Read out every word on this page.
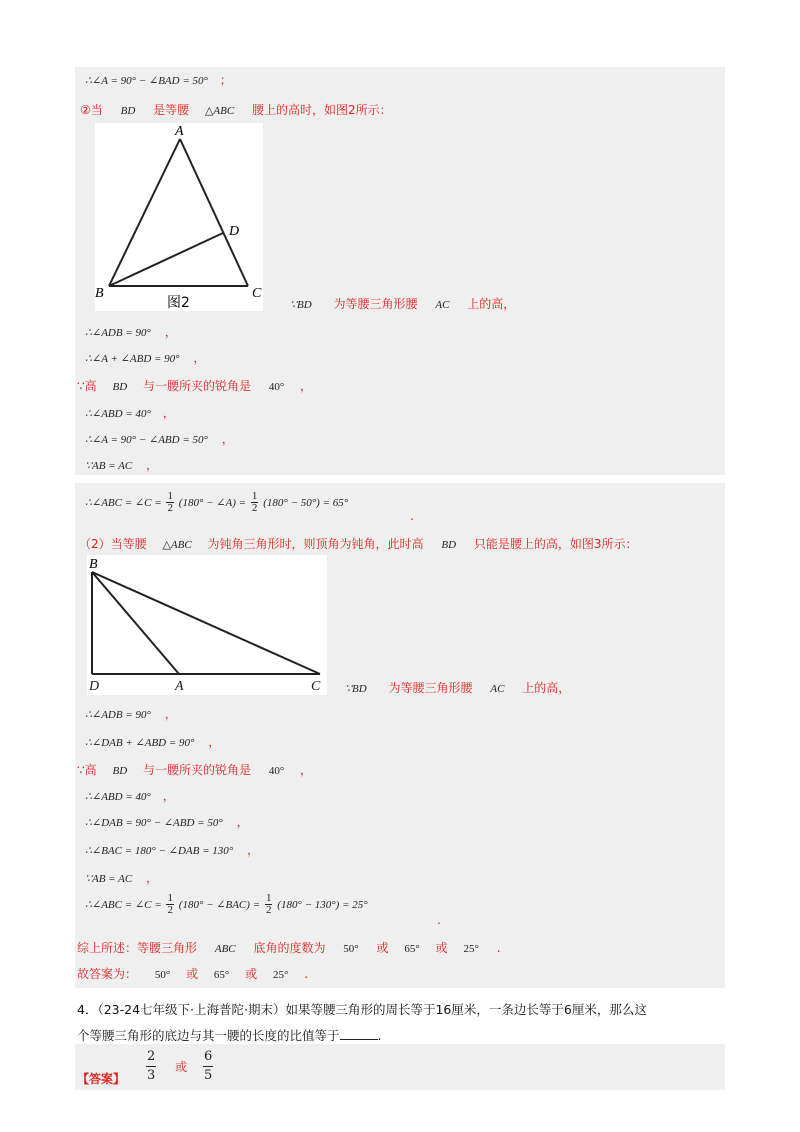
∴∠A = 90° − ∠BAD = 50° ；
②当 BD 是等腰 △ABC 腰上的高时，如图2所示：
A
D
B	C
图2	∵BD 为等腰三角形腰 AC 上的高，
∴∠ADB = 90° ，
∴∠A + ∠ABD = 90° ，
∵高 BD 与一腰所夹的锐角是 40° ，
∴∠ABD = 40° ，
∴∠A = 90° − ∠ABD = 50° ，
∵AB = AC ，
∴∠ABC = ∠C = $\frac{1}{2} (180^\circ$ − ∠A) = $\frac{1}{2} (180^\circ - 50^\circ) = 65^\circ$
.
（2）当等腰 △ABC 为钝角三角形时，则顶角为钝角，此时高 BD 只能是腰上的高，如图3所示：
B
D	A	C ∵BD 为等腰三角形腰 AC 上的高，
∴∠ADB = 90° ，
∴∠DAB + ∠ABD = 90° ，
∵高 BD 与一腰所夹的锐角是 40° ，
∴∠ABD = 40° ，
∴∠DAB = 90° − ∠ABD = 50° ，
∴∠BAC = 180° − ∠DAB = 130° ，
∵AB = AC ，
∴∠ABC = ∠C = $\frac{1}{2} (180^\circ$ − ∠BAC) = $\frac{1}{2} (180^\circ - 130^\circ) = 25^\circ$
.
综上所述：等腰三角形 ABC 底角的度数为 50° 或 65° 或 25° .
故答案为： 50° 或 65° 或 25° .
4．（23-24七年级下·上海普陀·期末）如果等腰三角形的周长等于16厘米，一条边长等于6厘米，那么这
个等腰三角形的底边与其一腰的长度的比值等于	.
【答案】 $\frac{2}{3}$ 或 $\frac{6}{5}$
